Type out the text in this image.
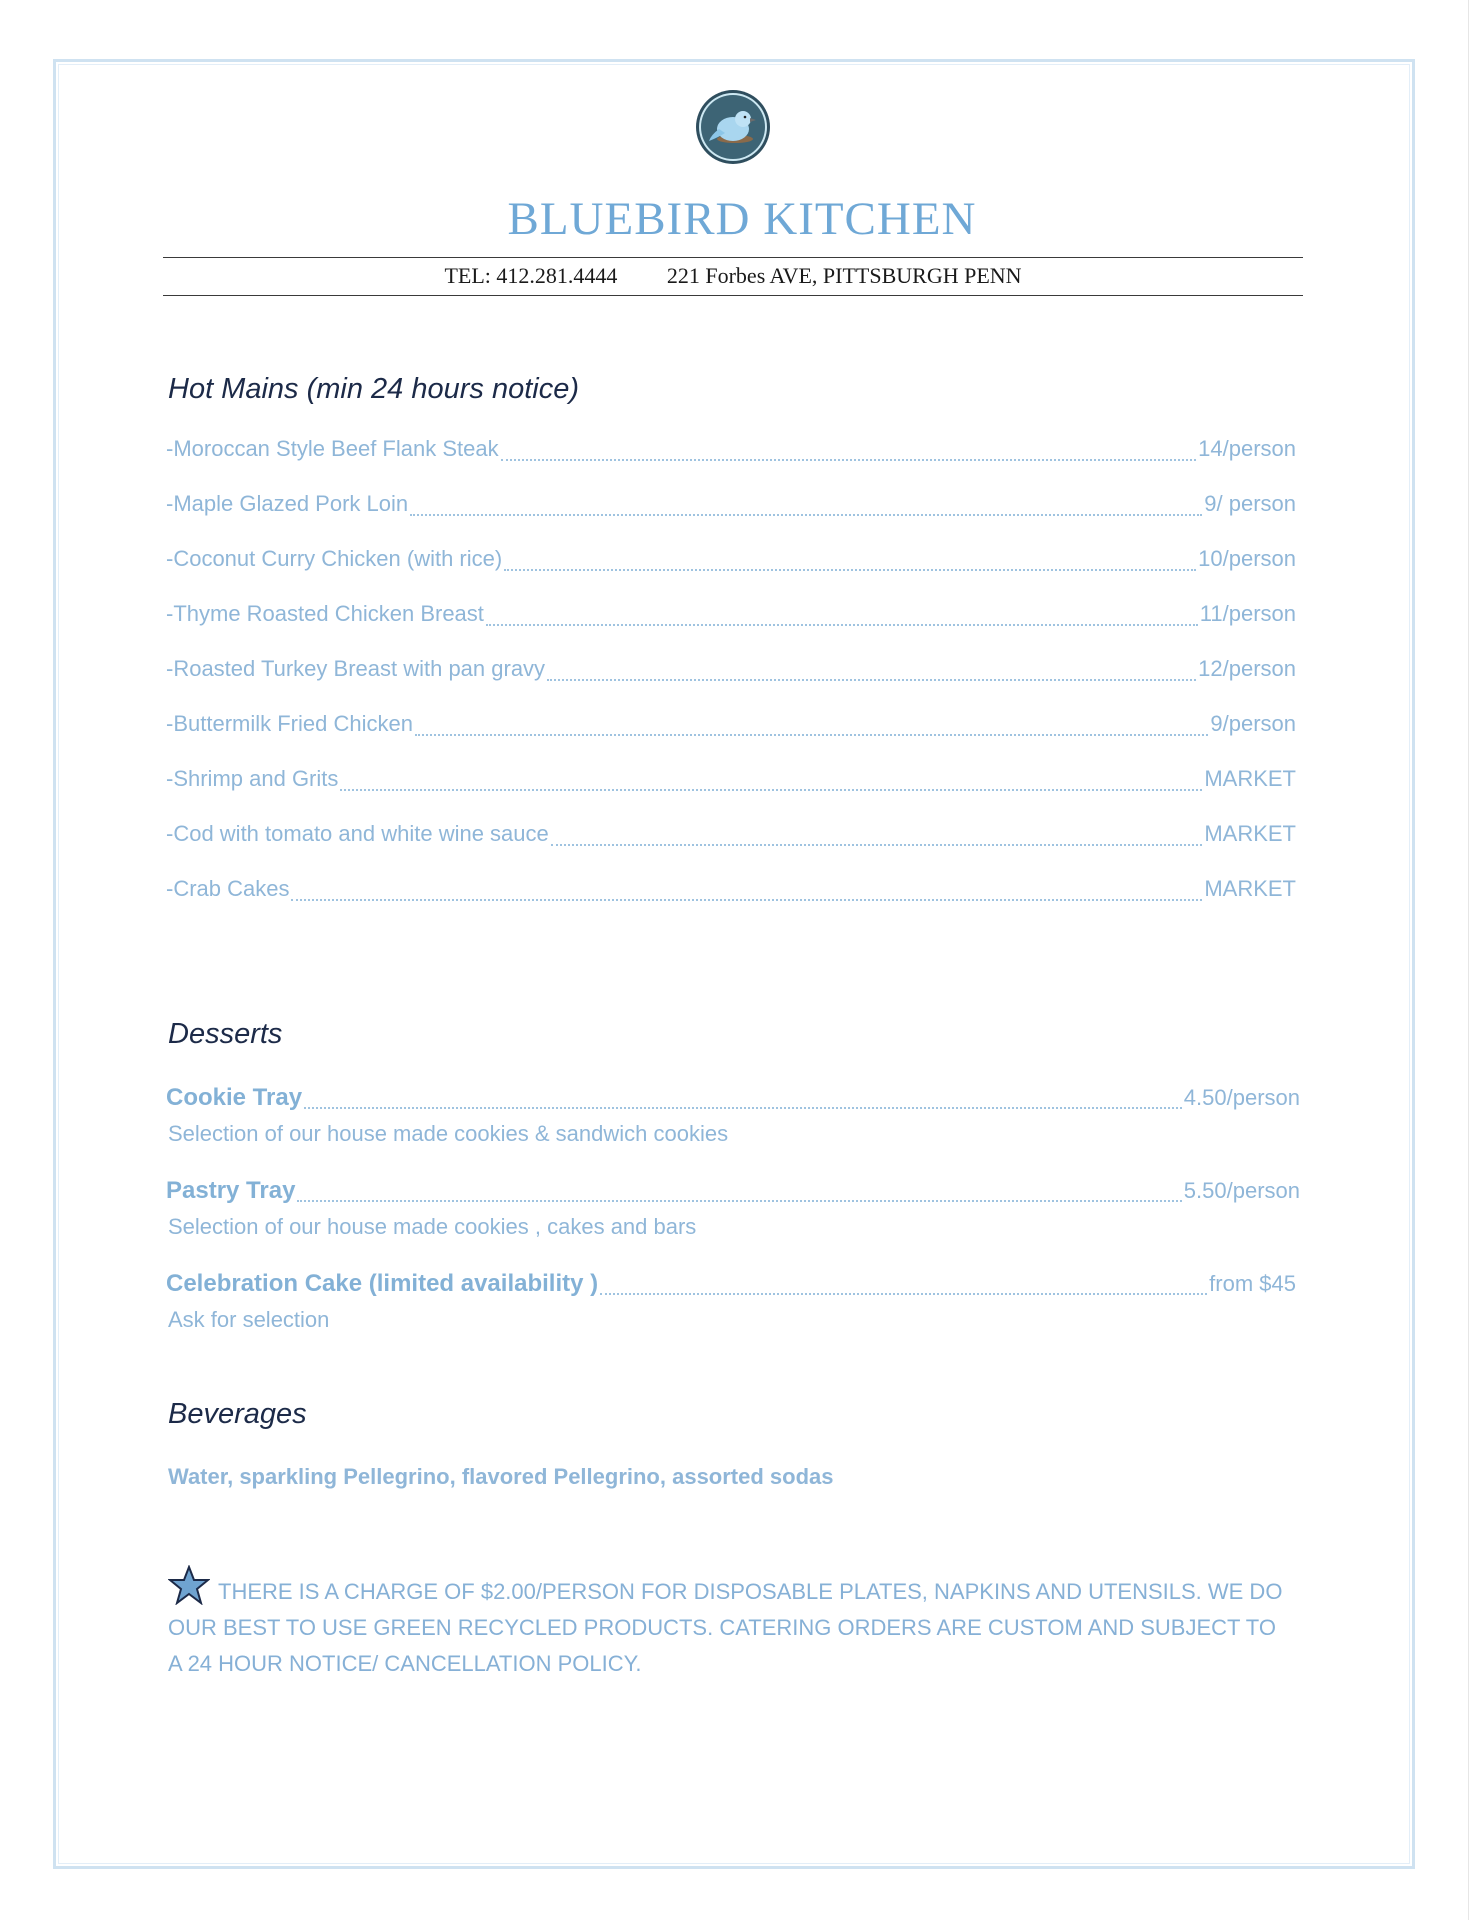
BLUEBIRD KITCHEN
TEL: 412.281.4444 221 Forbes AVE, PITTSBURGH PENN
Hot Mains (min 24 hours notice)
-Moroccan Style Beef Flank Steak	14/person
-Maple Glazed Pork Loin	9/ person
-Coconut Curry Chicken (with rice)	10/person
-Thyme Roasted Chicken Breast	11/person
-Roasted Turkey Breast with pan gravy	12/person
-Buttermilk Fried Chicken	9/person
-Shrimp and Grits	MARKET
-Cod with tomato and white wine sauce	MARKET
-Crab Cakes	MARKET
Desserts
Cookie Tray	4.50/person
Selection of our house made cookies & sandwich cookies
Pastry Tray	5.50/person
Selection of our house made cookies , cakes and bars
Celebration Cake (limited availability )	from $45
Ask for selection
Beverages
Water, sparkling Pellegrino, flavored Pellegrino, assorted sodas
THERE IS A CHARGE OF $2.00/PERSON FOR DISPOSABLE PLATES, NAPKINS AND UTENSILS. WE DO OUR BEST TO USE GREEN RECYCLED PRODUCTS. CATERING ORDERS ARE CUSTOM AND SUBJECT TO A 24 HOUR NOTICE/ CANCELLATION POLICY.
